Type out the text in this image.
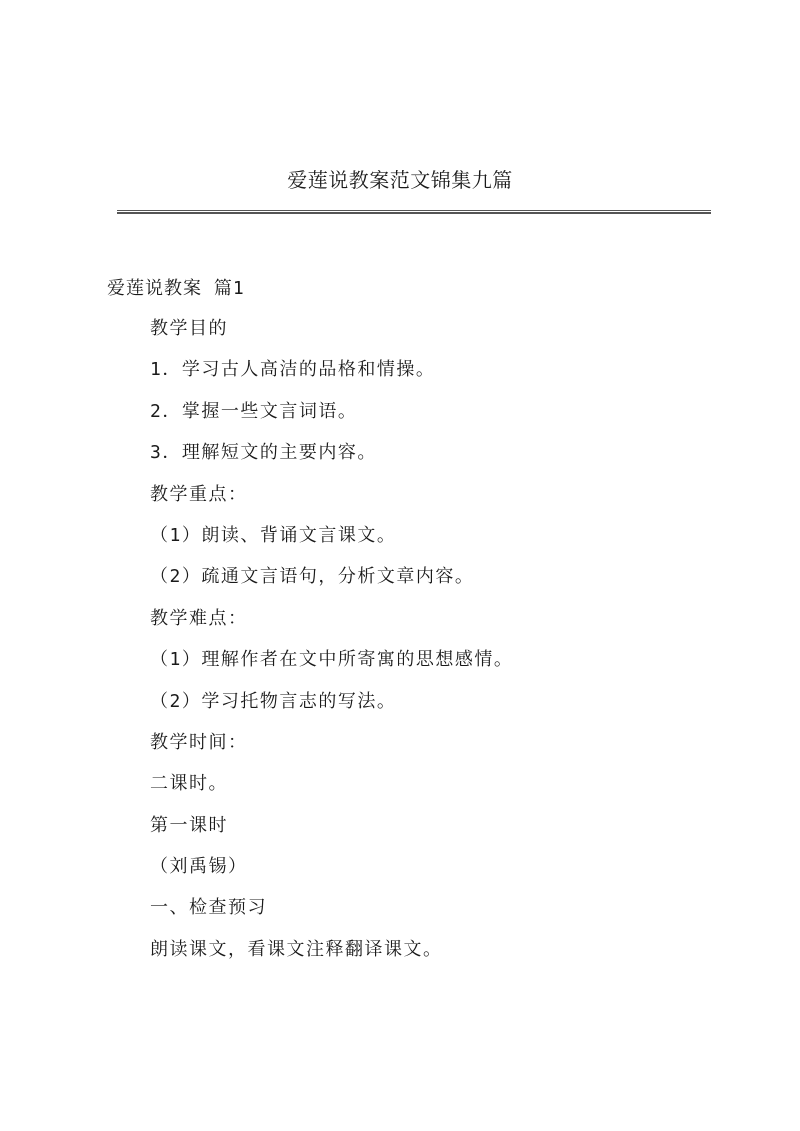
爱莲说教案范文锦集九篇
爱莲说教案 篇1
教学目的
1．学习古人高洁的品格和情操。
2．掌握一些文言词语。
3．理解短文的主要内容。
教学重点：
（1）朗读、背诵文言课文。
（2）疏通文言语句，分析文章内容。
教学难点：
（1）理解作者在文中所寄寓的思想感情。
（2）学习托物言志的写法。
教学时间：
二课时。
第一课时
（刘禹锡）
一、检查预习
朗读课文，看课文注释翻译课文。
